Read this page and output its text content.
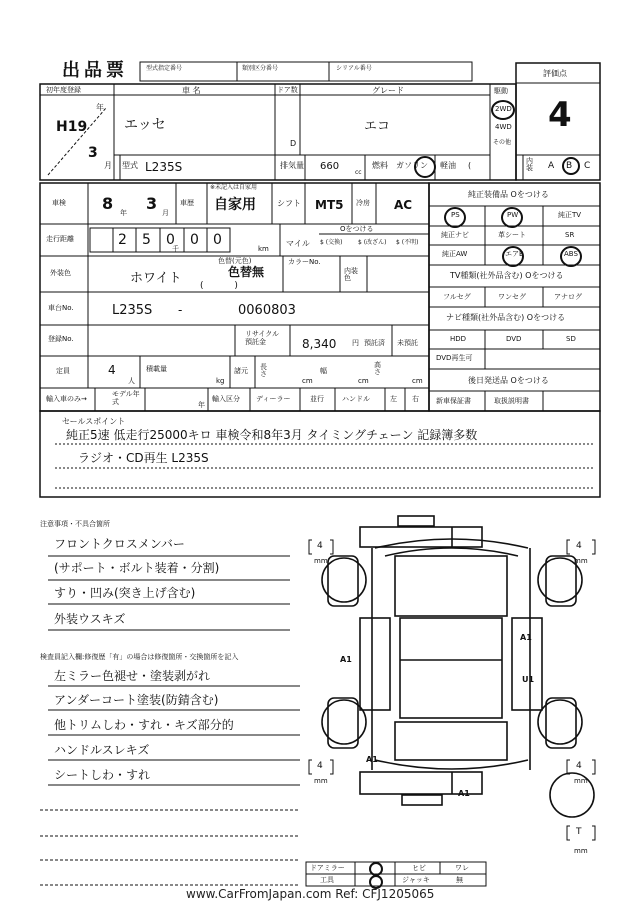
出品票	型式指定番号	類別区分番号	シリアル番号
評価点
4
初年度登録
H19
年
3
月
車 名
エッセ
ドア数
D
グレード
エコ
駆動
2WD
4WD
その他
型式 L235S	排気量 660
cc
燃料 ガソリン 軽油 (	内装 A B C
車検 8 年 3 月
車歴
※未記入は自家用
自家用	シフト MT5 冷房 AC
走行距離	2 5 0 0 0
千	km
マイル
Oをつける
$ (交換)	$ (改ざん) $ (不明)
外装色	ホワイト
色替(元色)
色替無
( )
カラーNo.
内装色
車台No.	L235S -	0060803
登録No.
リサイクル預託金	8,340 円 預託済 未預託
定員	4
人
積載量
kg
諸元 長さ
cm
幅
cm
高さ
cm
輸入車のみ→
モデル年式	年
輸入区分 ディーラー	並行	ハンドル	左 右
純正装備品 Oをつける
PS	PW	純正TV
純正ナビ	革シート	SR
純正AW	エアB	ABS
TV種類(社外品含む) Oをつける
フルセグ	ワンセグ	アナログ
ナビ種類(社外品含む) Oをつける
HDD	DVD	SD
DVD再生可
後日発送品 Oをつける
新車保証書	取扱説明書
セールスポイント
純正5速 低走行25000キロ 車検令和8年3月 タイミングチェーン 記録簿多数
ラジオ・CD再生 L235S
注意事項・不具合箇所
フロントクロスメンバー
(サポート・ボルト装着・分割)
すり・凹み(突き上げ含む)
外装ウスキズ
検査員記入欄:修復歴「有」の場合は修復箇所・交換箇所を記入
左ミラー色褪せ・塗装剥がれ
アンダーコート塗装(防錆含む)
他トリムしわ・すれ・キズ部分的
ハンドルスレキズ
シートしわ・すれ
4
mm
4
mm
4
mm
4
mm
T
mm
A1
A1
U1
A1
A1
ドアミラー	ヒビ	ワレ
工具	ジャッキ	無
www.CarFromJapan.com Ref: CFJ1205065
